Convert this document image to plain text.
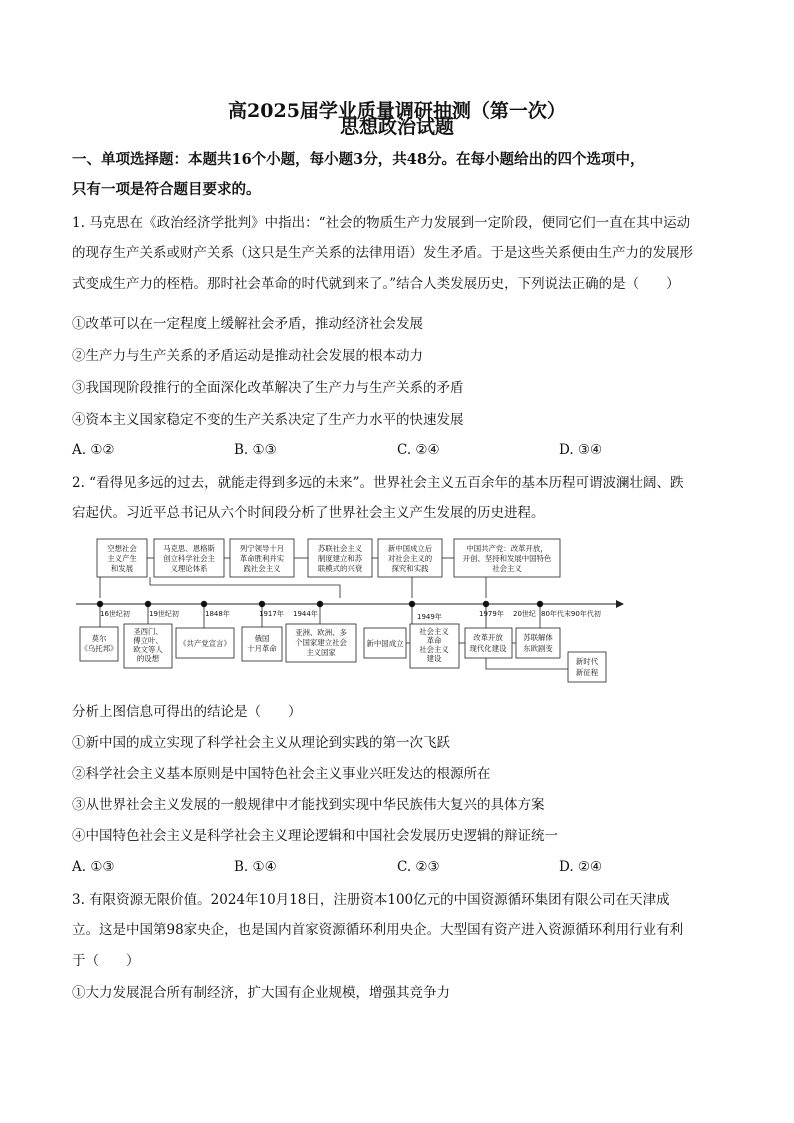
高2025届学业质量调研抽测（第一次）
思想政治试题
一、单项选择题：本题共16个小题，每小题3分，共48分。在每小题给出的四个选项中，
只有一项是符合题目要求的。
1. 马克思在《政治经济学批判》中指出：“社会的物质生产力发展到一定阶段，便同它们一直在其中运动
的现存生产关系或财产关系（这只是生产关系的法律用语）发生矛盾。于是这些关系便由生产力的发展形
式变成生产力的桎梏。那时社会革命的时代就到来了。”结合人类发展历史，下列说法正确的是（　　）
①改革可以在一定程度上缓解社会矛盾，推动经济社会发展
②生产力与生产关系的矛盾运动是推动社会发展的根本动力
③我国现阶段推行的全面深化改革解决了生产力与生产关系的矛盾
④资本主义国家稳定不变的生产关系决定了生产力水平的快速发展
A. ①②	B. ①③	C. ②④	D. ③④
2. “看得见多远的过去，就能走得到多远的未来”。世界社会主义五百余年的基本历程可谓波澜壮阔、跌
宕起伏。习近平总书记从六个时间段分析了世界社会主义产生发展的历史进程。
空想社会
主义产生
和发展
马克思、恩格斯
创立科学社会主
义理论体系
列宁领导十月
革命胜利并实
践社会主义
苏联社会主义
制度建立和苏
联模式的兴衰
新中国成立后
对社会主义的
探究和实践
中国共产党：改革开放，
开创、坚持和发展中国特色
社会主义
16世纪初	19世纪初	1848年	1917年 1944年	1949年	1979年 20世纪 80年代末90年代初
莫尔
《乌托邦》
圣西门、
傅立叶、
欧文等人
的设想
《共产党宣言》
俄国
十月革命
亚洲、欧洲、多
个国家建立社会
主义国家
新中国成立
社会主义
革命
社会主义
建设
改革开放
现代化建设
苏联解体
东欧剧变
新时代
新征程
分析上图信息可得出的结论是（　　）
①新中国的成立实现了科学社会主义从理论到实践的第一次飞跃
②科学社会主义基本原则是中国特色社会主义事业兴旺发达的根源所在
③从世界社会主义发展的一般规律中才能找到实现中华民族伟大复兴的具体方案
④中国特色社会主义是科学社会主义理论逻辑和中国社会发展历史逻辑的辩证统一
A. ①③	B. ①④	C. ②③	D. ②④
3. 有限资源无限价值。2024年10月18日，注册资本100亿元的中国资源循环集团有限公司在天津成
立。这是中国第98家央企，也是国内首家资源循环利用央企。大型国有资产进入资源循环利用行业有利
于（　　）
①大力发展混合所有制经济，扩大国有企业规模，增强其竞争力
